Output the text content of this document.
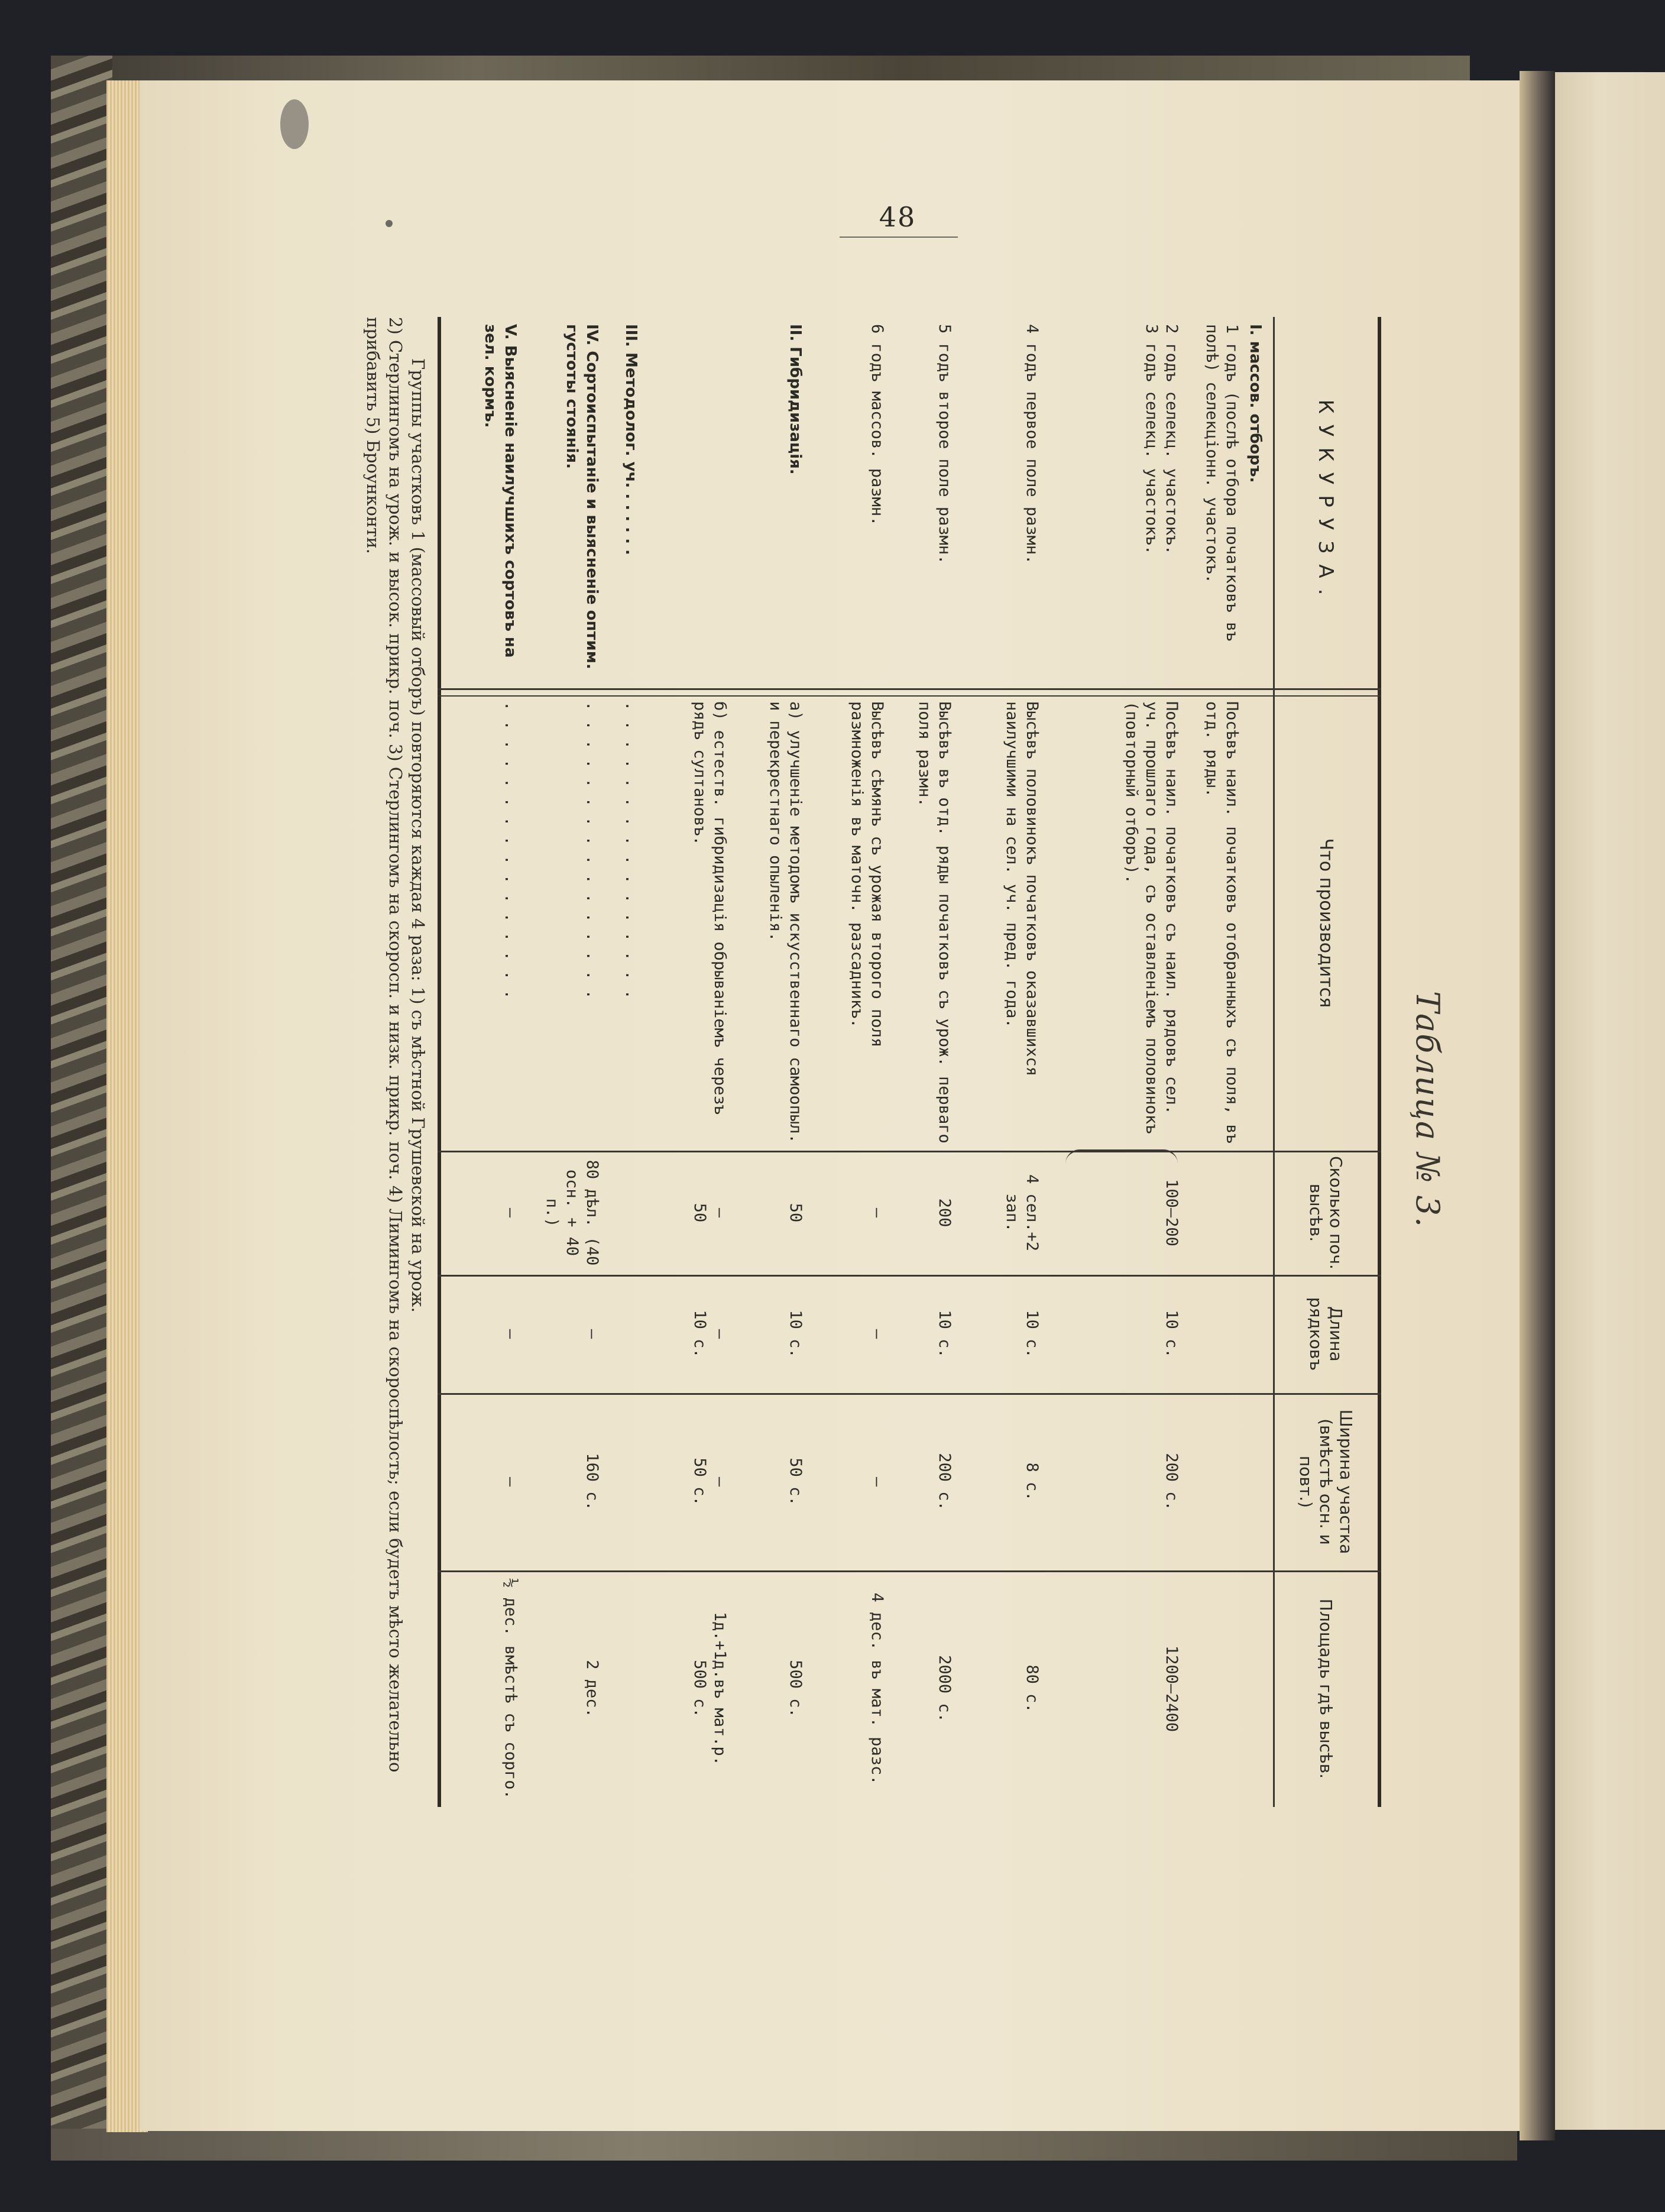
48
Таблица № 3.
КУКУРУЗА.
Что производится
Сколько поч. высѣв.
Длина рядковъ
Ширина участка (вмѣстѣ осн. и повт.)
Площадь гдѣ высѣв.
I. массов. отборъ.
1 годъ (послѣ отбора початковъ въ полѣ) селекціонн. участокъ.
Посѣвъ наил. початковъ отобранныхъ съ поля, въ отд. ряды.
2 годъ селекц. участокъ.
3 годъ селекц. участокъ.
Посѣвъ наил. початковъ съ наил. рядовъ сел. уч. прошлаго года, съ оставленіемъ половинокъ (повторный отборъ).
100—200
10 с.
200 с.
1200—2400
4 годъ первое поле размн.
Высѣвъ половинокъ початковъ оказавшихся наилучшими на сел. уч. пред. года.
4 сел.+2 зап.
10 с.
8 с.
80 с.
5 годъ второе поле размн.
Высѣвъ въ отд. ряды початковъ съ урож. перваго поля размн.
200
10 с.
200 с.
2000 с.
6 годъ массов. размн.
Высѣвъ сѣмянъ съ урожая второго поля размноженія въ маточн. разсадникъ.
—
—
—
4 дес. въ мат. разс.
II. Гибридизація.
а) улучшеніе методомъ искусственнаго самоопыл. и перекрестнаго опыленія.
50
10 с.
50 с.
500 с.
б) естеств. гибридизація обрываніемъ черезъ рядъ султановъ.
—
50
—
10 с.
—
50 с.
1д.+1д.въ мат.р.
500 с.
III. Методолог. уч. . . . . . .
. . . . . . . . . . . . . . . .
IV. Сортоиспытаніе и выясненіе оптим. густоты стоянія.
. . . . . . . . . . . . . . . .
80 дѣл. (40 осн. + 40 п.)
—
160 с.
2 дес.
V. Выясненіе наилучшихъ сортовъ на зел. кормъ.
. . . . . . . . . . . . . . . .
—
—
—
½ дес. вмѣстѣ съ сорго.

Группы участковъ 1 (массовый отборъ) повторяются каждая 4 раза: 1) съ мѣстной Грушевской на урож.

2) Стерлингомъ на урож. и высок. прикр. поч. 3) Стерлингомъ на скоросп. и низк. прикр. поч. 4) Лимингомъ на скороспѣлость; если будетъ мѣсто желательно прибавить 5) Броунконти.
